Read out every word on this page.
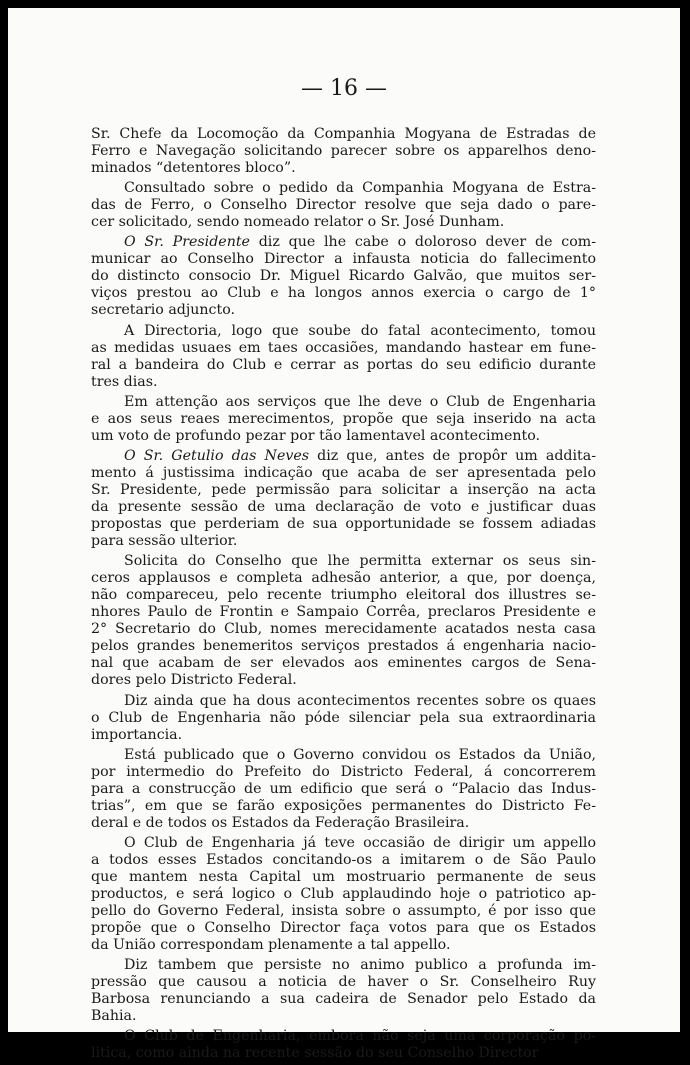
— 16 —
Sr. Chefe da Locomoção da Companhia Mogyana de Estradas de
Ferro e Navegação solicitando parecer sobre os apparelhos deno-
minados “detentores bloco”.
Consultado sobre o pedido da Companhia Mogyana de Estra-
das de Ferro, o Conselho Director resolve que seja dado o pare-
cer solicitado, sendo nomeado relator o Sr. José Dunham.
O Sr. Presidente diz que lhe cabe o doloroso dever de com-
municar ao Conselho Director a infausta noticia do fallecimento
do distincto consocio Dr. Miguel Ricardo Galvão, que muitos ser-
viços prestou ao Club e ha longos annos exercia o cargo de 1°
secretario adjuncto.
A Directoria, logo que soube do fatal acontecimento, tomou
as medidas usuaes em taes occasiões, mandando hastear em fune-
ral a bandeira do Club e cerrar as portas do seu edificio durante
tres dias.
Em attenção aos serviços que lhe deve o Club de Engenharia
e aos seus reaes merecimentos, propõe que seja inserido na acta
um voto de profundo pezar por tão lamentavel acontecimento.
O Sr. Getulio das Neves diz que, antes de propôr um addita-
mento á justissima indicação que acaba de ser apresentada pelo
Sr. Presidente, pede permissão para solicitar a inserção na acta
da presente sessão de uma declaração de voto e justificar duas
propostas que perderiam de sua opportunidade se fossem adiadas
para sessão ulterior.
Solicita do Conselho que lhe permitta externar os seus sin-
ceros applausos e completa adhesão anterior, a que, por doença,
não compareceu, pelo recente triumpho eleitoral dos illustres se-
nhores Paulo de Frontin e Sampaio Corrêa, preclaros Presidente e
2° Secretario do Club, nomes merecidamente acatados nesta casa
pelos grandes benemeritos serviços prestados á engenharia nacio-
nal que acabam de ser elevados aos eminentes cargos de Sena-
dores pelo Districto Federal.
Diz ainda que ha dous acontecimentos recentes sobre os quaes
o Club de Engenharia não póde silenciar pela sua extraordinaria
importancia.
Está publicado que o Governo convidou os Estados da União,
por intermedio do Prefeito do Districto Federal, á concorrerem
para a construcção de um edificio que será o “Palacio das Indus-
trias”, em que se farão exposições permanentes do Districto Fe-
deral e de todos os Estados da Federação Brasileira.
O Club de Engenharia já teve occasião de dirigir um appello
a todos esses Estados concitando-os a imitarem o de São Paulo
que mantem nesta Capital um mostruario permanente de seus
productos, e será logico o Club applaudindo hoje o patriotico ap-
pello do Governo Federal, insista sobre o assumpto, é por isso que
propõe que o Conselho Director faça votos para que os Estados
da União correspondam plenamente a tal appello.
Diz tambem que persiste no animo publico a profunda im-
pressão que causou a noticia de haver o Sr. Conselheiro Ruy
Barbosa renunciando a sua cadeira de Senador pelo Estado da
Bahia.
O Club de Engenharia, embora não seja uma corporação po-
litica, como ainda na recente sessão do seu Conselho Director
